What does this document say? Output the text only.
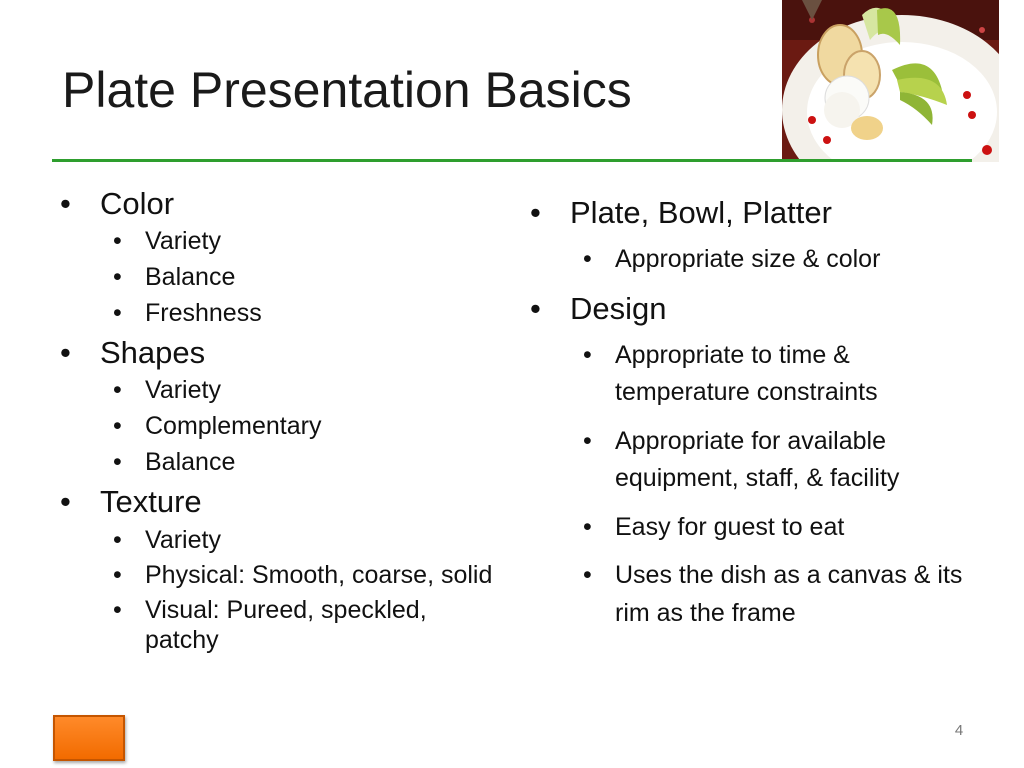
Plate Presentation Basics
• Color
• Variety
• Balance
• Freshness
• Shapes
• Variety
• Complementary
• Balance
• Texture
• Variety
• Physical: Smooth, coarse, solid
• Visual: Pureed, speckled, patchy
• Plate, Bowl, Platter
• Appropriate size & color
• Design
• Appropriate to time & temperature constraints
• Appropriate for available equipment, staff, & facility
• Easy for guest to eat
• Uses the dish as a canvas & its rim as the frame
4
